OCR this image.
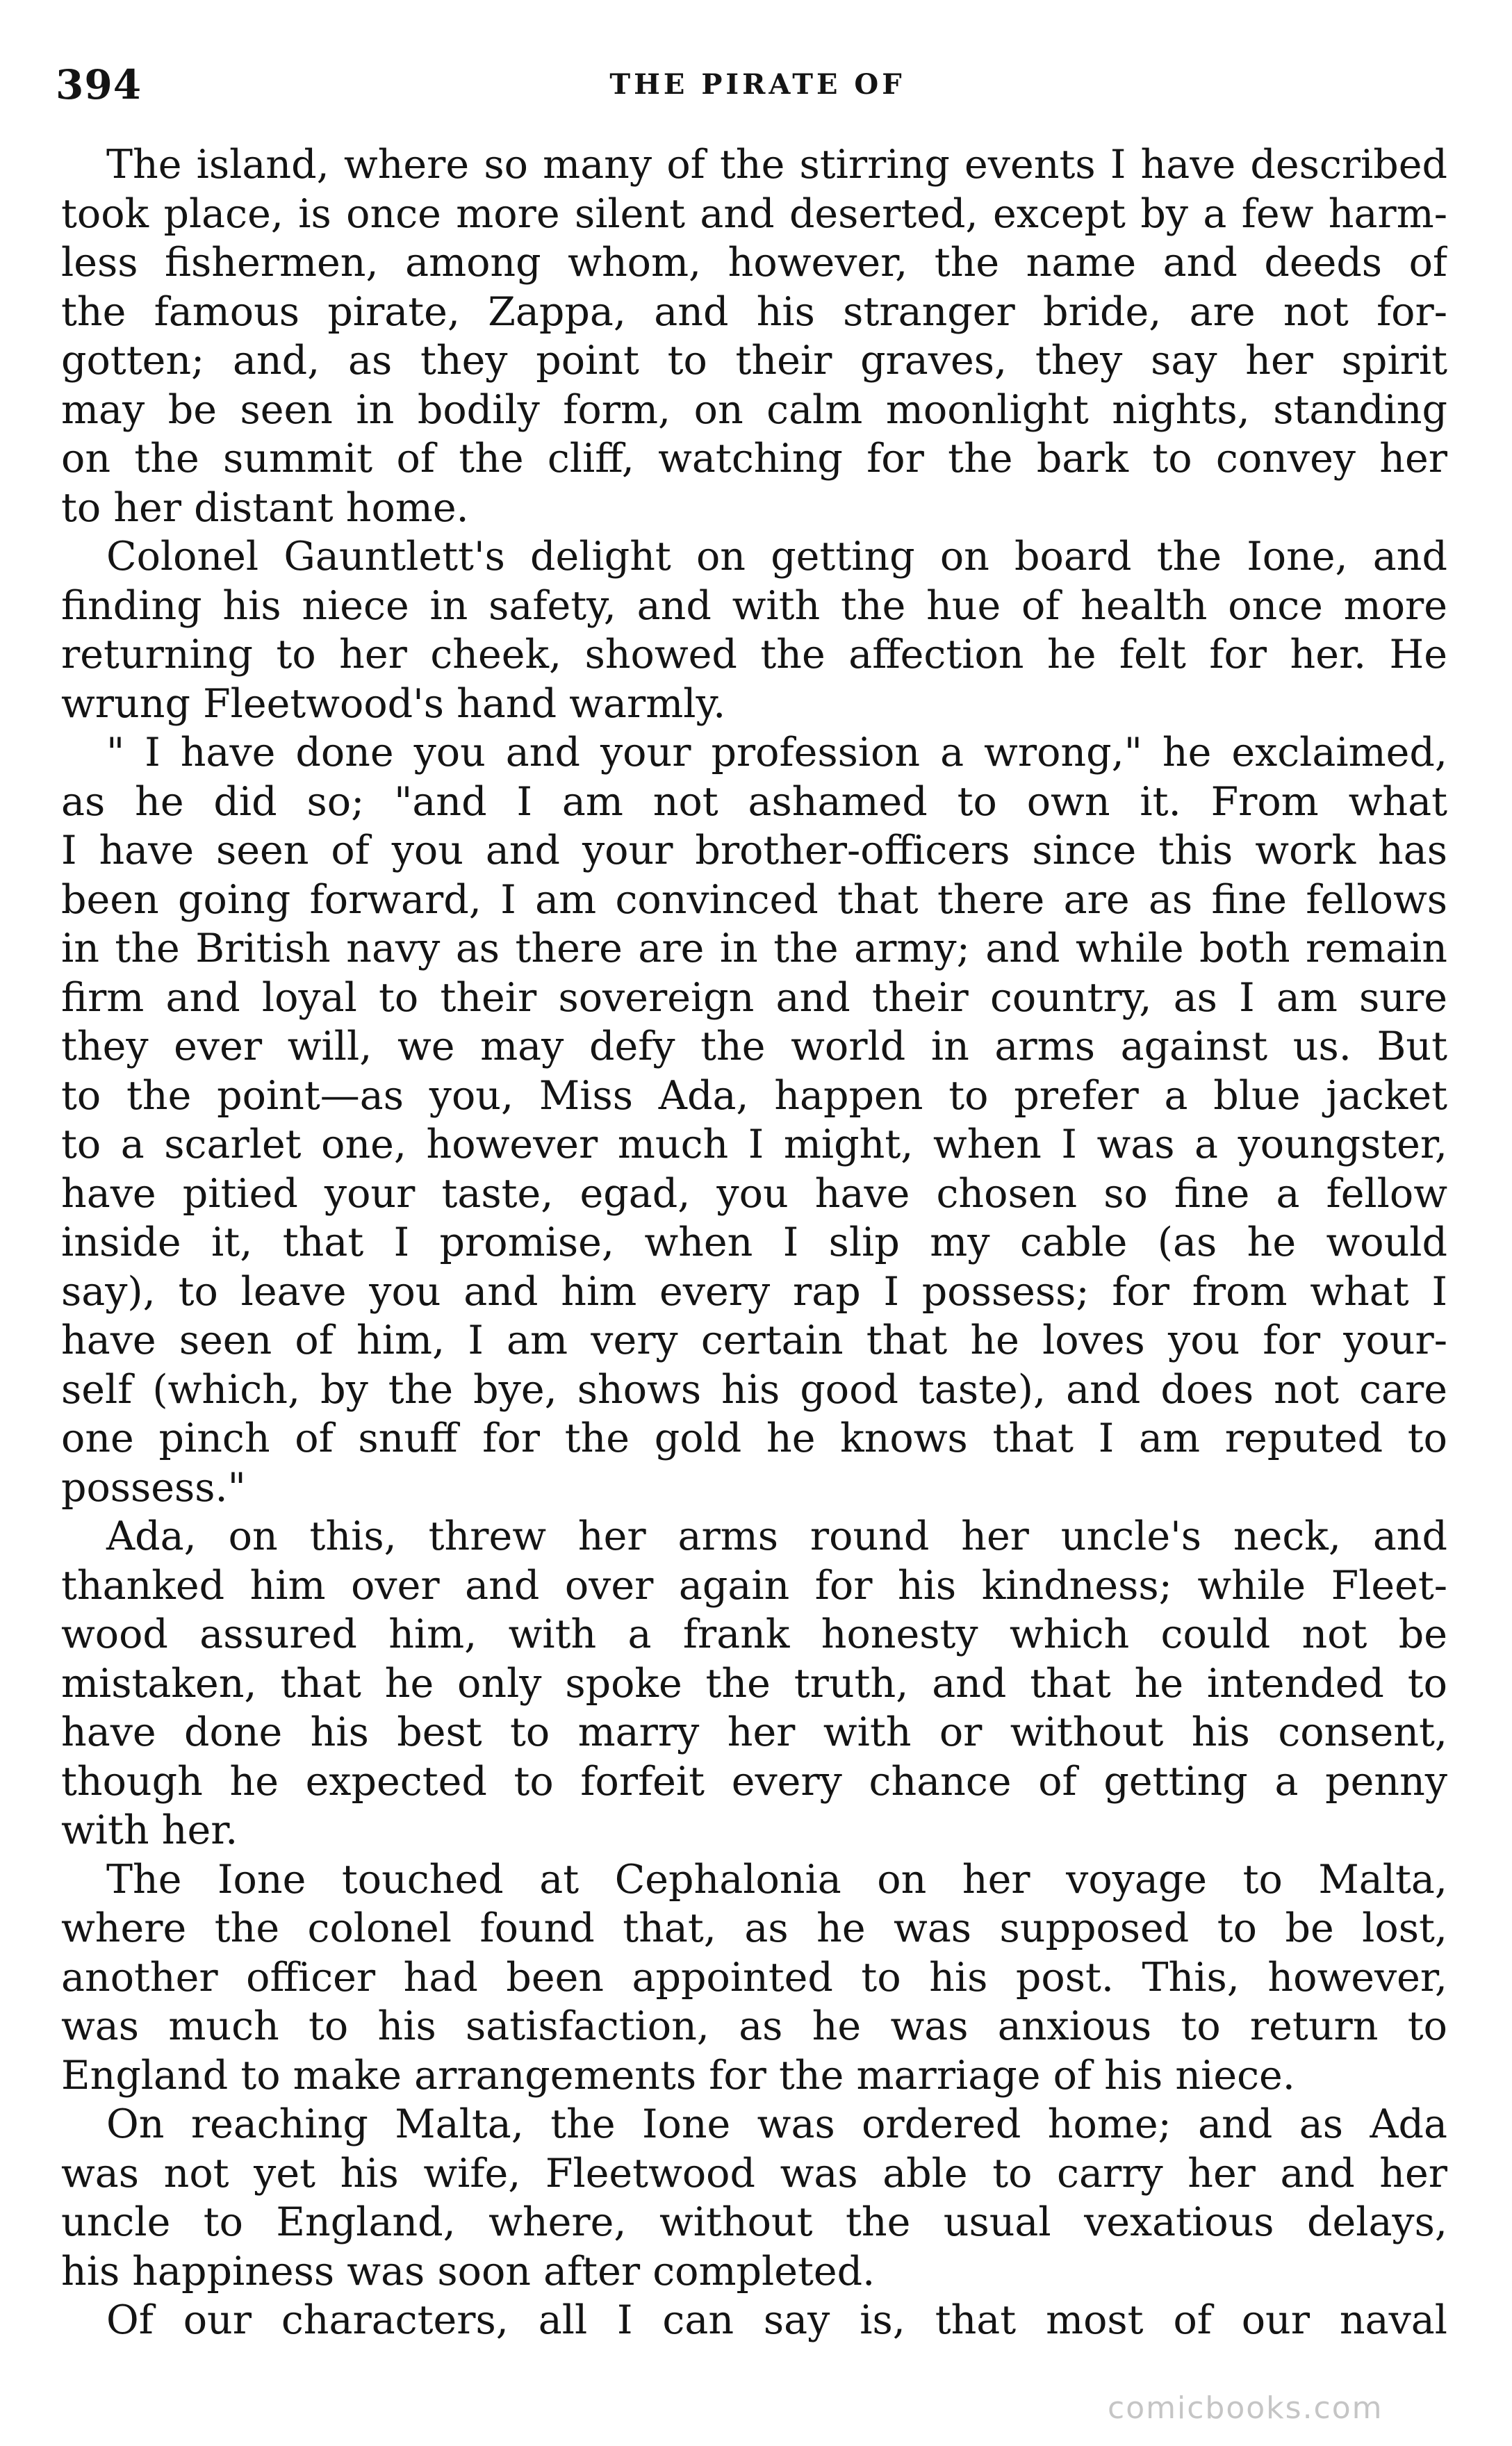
394	THE PIRATE OF
The island, where so many of the stirring events I have described
took place, is once more silent and deserted, except by a few harm-
less fishermen, among whom, however, the name and deeds of
the famous pirate, Zappa, and his stranger bride, are not for-
gotten; and, as they point to their graves, they say her spirit
may be seen in bodily form, on calm moonlight nights, standing
on the summit of the cliff, watching for the bark to convey her
to her distant home.
Colonel Gauntlett's delight on getting on board the Ione, and
finding his niece in safety, and with the hue of health once more
returning to her cheek, showed the affection he felt for her. He
wrung Fleetwood's hand warmly.
" I have done you and your profession a wrong," he exclaimed,
as he did so; "and I am not ashamed to own it. From what
I have seen of you and your brother-officers since this work has
been going forward, I am convinced that there are as fine fellows
in the British navy as there are in the army; and while both remain
firm and loyal to their sovereign and their country, as I am sure
they ever will, we may defy the world in arms against us. But
to the point—as you, Miss Ada, happen to prefer a blue jacket
to a scarlet one, however much I might, when I was a youngster,
have pitied your taste, egad, you have chosen so fine a fellow
inside it, that I promise, when I slip my cable (as he would
say), to leave you and him every rap I possess; for from what I
have seen of him, I am very certain that he loves you for your-
self (which, by the bye, shows his good taste), and does not care
one pinch of snuff for the gold he knows that I am reputed to
possess."
Ada, on this, threw her arms round her uncle's neck, and
thanked him over and over again for his kindness; while Fleet-
wood assured him, with a frank honesty which could not be
mistaken, that he only spoke the truth, and that he intended to
have done his best to marry her with or without his consent,
though he expected to forfeit every chance of getting a penny
with her.
The Ione touched at Cephalonia on her voyage to Malta,
where the colonel found that, as he was supposed to be lost,
another officer had been appointed to his post. This, however,
was much to his satisfaction, as he was anxious to return to
England to make arrangements for the marriage of his niece.
On reaching Malta, the Ione was ordered home; and as Ada
was not yet his wife, Fleetwood was able to carry her and her
uncle to England, where, without the usual vexatious delays,
his happiness was soon after completed.
Of our characters, all I can say is, that most of our naval
comicbooks.com
